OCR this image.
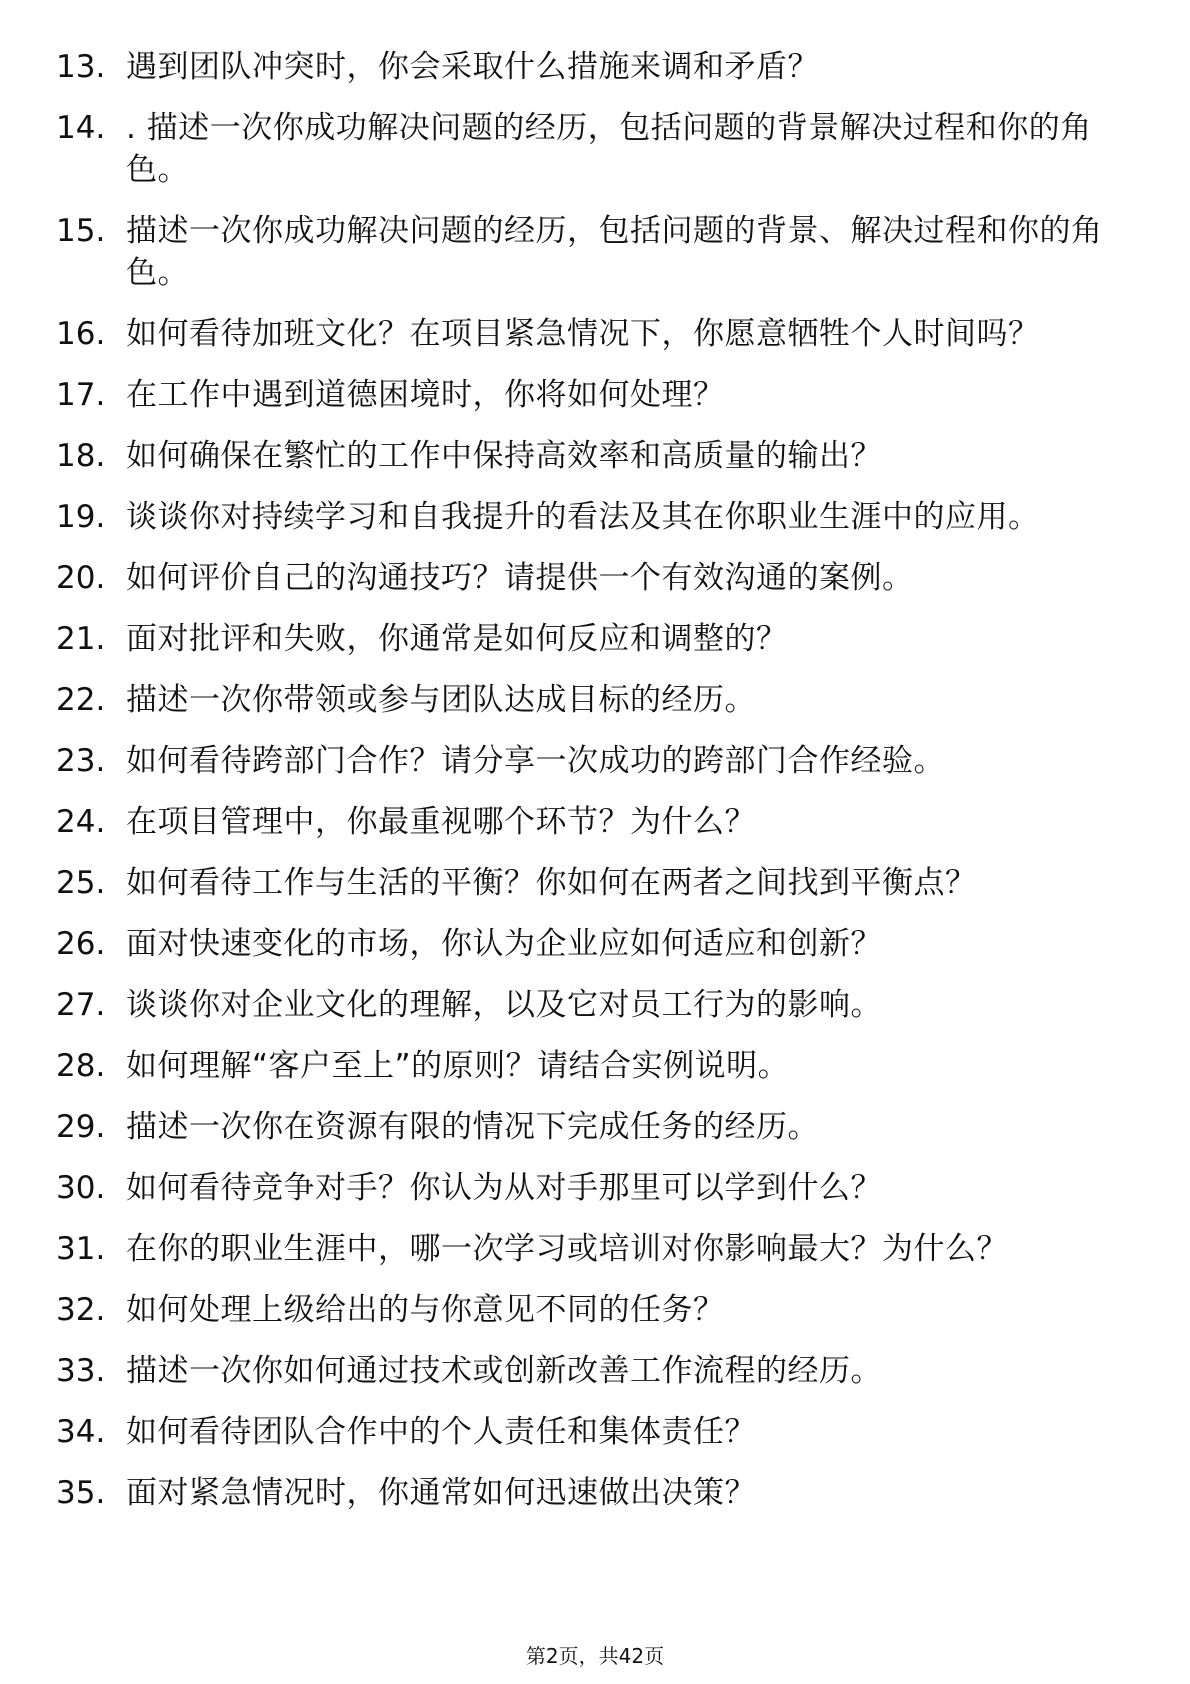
13. 遇到团队冲突时，你会采取什么措施来调和矛盾？
14. . 描述一次你成功解决问题的经历，包括问题的背景解决过程和你的角色。
15. 描述一次你成功解决问题的经历，包括问题的背景、解决过程和你的角色。
16. 如何看待加班文化？在项目紧急情况下，你愿意牺牲个人时间吗？
17. 在工作中遇到道德困境时，你将如何处理？
18. 如何确保在繁忙的工作中保持高效率和高质量的输出？
19. 谈谈你对持续学习和自我提升的看法及其在你职业生涯中的应用。
20. 如何评价自己的沟通技巧？请提供一个有效沟通的案例。
21. 面对批评和失败，你通常是如何反应和调整的？
22. 描述一次你带领或参与团队达成目标的经历。
23. 如何看待跨部门合作？请分享一次成功的跨部门合作经验。
24. 在项目管理中，你最重视哪个环节？为什么？
25. 如何看待工作与生活的平衡？你如何在两者之间找到平衡点？
26. 面对快速变化的市场，你认为企业应如何适应和创新？
27. 谈谈你对企业文化的理解，以及它对员工行为的影响。
28. 如何理解“客户至上”的原则？请结合实例说明。
29. 描述一次你在资源有限的情况下完成任务的经历。
30. 如何看待竞争对手？你认为从对手那里可以学到什么？
31. 在你的职业生涯中，哪一次学习或培训对你影响最大？为什么？
32. 如何处理上级给出的与你意见不同的任务？
33. 描述一次你如何通过技术或创新改善工作流程的经历。
34. 如何看待团队合作中的个人责任和集体责任？
35. 面对紧急情况时，你通常如何迅速做出决策？
第2页，共42页
